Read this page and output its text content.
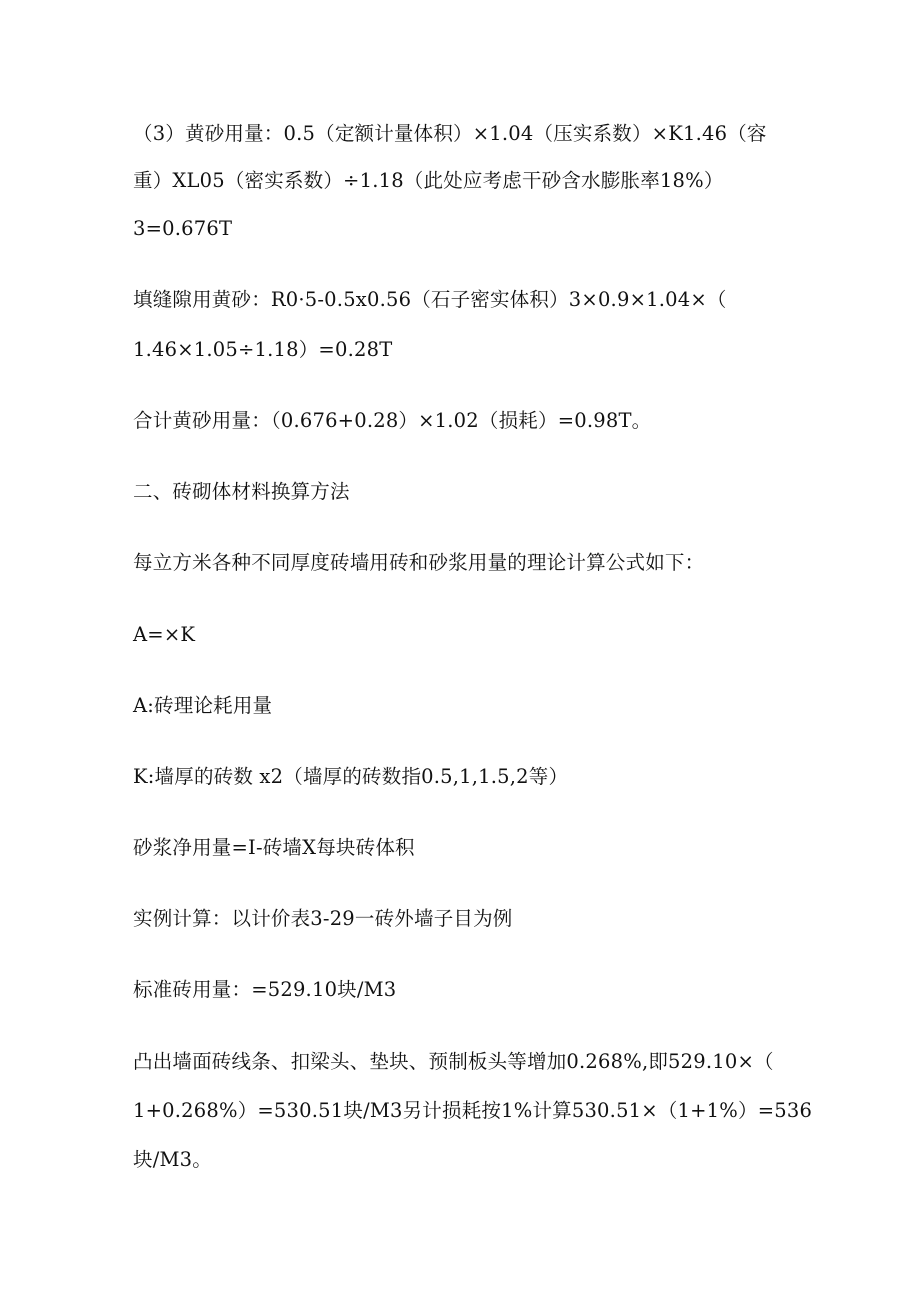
（3）黄砂用量：0.5（定额计量体积）×1.04（压实系数）×K1.46（容
重）XL05（密实系数）÷1.18（此处应考虑干砂含水膨胀率18%）
3=0.676T
填缝隙用黄砂：R0·5-0.5x0.56（石子密实体积）3×0.9×1.04×（
1.46×1.05÷1.18）=0.28T
合计黄砂用量：（0.676+0.28）×1.02（损耗）=0.98T。
二、砖砌体材料换算方法
每立方米各种不同厚度砖墙用砖和砂浆用量的理论计算公式如下：
A=×K
A:砖理论耗用量
K:墙厚的砖数 x2（墙厚的砖数指0.5,1,1.5,2等）
砂浆净用量=I-砖墙X每块砖体积
实例计算：以计价表3-29一砖外墙子目为例
标准砖用量：=529.10块/M3
凸出墙面砖线条、扣梁头、垫块、预制板头等增加0.268%,即529.10×（
1+0.268%）=530.51块/M3另计损耗按1%计算530.51×（1+1%）=536
块/M3。
